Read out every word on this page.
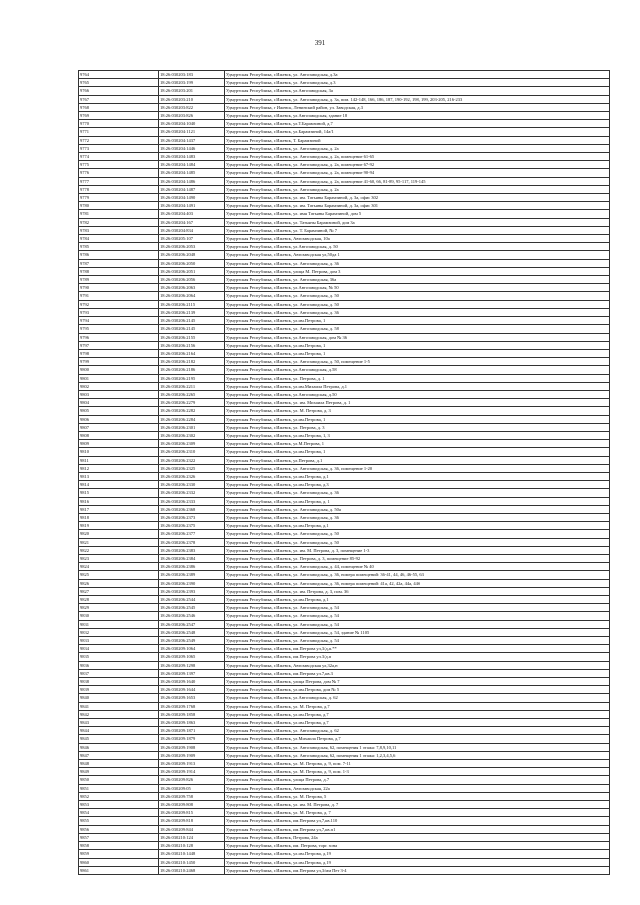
391
9764		18:26:030203:183	Удмуртская Республика, г.Ижевск, ул. Автозаводская, д.3а
9765		18:26:030203:199	Удмуртская Республика, г.Ижевск, ул. Автозаводская, д.3
9766		18:26:030203:201	Удмуртская Республика, г.Ижевск, ул.Автозаводская, 3а
9767		18:26:030203:210	Удмуртская Республика, г.Ижевск, ул. Автозаводская, д. 3а, пом. 142-148, 166, 186, 187, 190-192, 198, 199, 203-205, 216-233
9768	18:26:030203:822		Удмуртская Республика, г Ижевск, Ленинский район, ул. Заводская, д.3
9769	18:26:030203:826		Удмуртская Республика, г.Ижевск, ул.Автозаводская, здание 18
9770		18:26:030204:1040	Удмуртская Республика, г.Ижевск, ул.Т.Барамзиной, д.7
9771	18:26:030204:1121		Удмуртская Республика, г.Ижевск, ул.Барамзиной, 14а/1
9772	18:26:030204:1437		Удмуртская Республика, г.Ижевск, Т. Барамзиной
9773		18:26:030204:1446	Удмуртская Республика, г.Ижевск, ул. Автозаводская, д. 2а
9774		18:26:030204:1483	Удмуртская Республика, г.Ижевск, ул. Автозаводская, д. 2а, помещение 61-65
9775		18:26:030204:1484	Удмуртская Республика, г.Ижевск, ул. Автозаводская, д. 2а, помещение 67-92
9776		18:26:030204:1485	Удмуртская Республика, г.Ижевск, ул. Автозаводская, д. 2а, помещение 90-94
9777		18:26:030204:1486	Удмуртская Республика, г.Ижевск, ул. Автозаводская, д. 2а, помещение 41-60, 66, 81-89, 95-117, 119-145
9778		18:26:030204:1487	Удмуртская Республика, г.Ижевск, ул. Автозаводская, д. 2а
9779		18:26:030204:1490	Удмуртская Республика, г.Ижевск, ул. им. Татьяны Барамзиной, д. 3а, офис 302
9780		18:26:030204:1491	Удмуртская Республика, г.Ижевск, ул. им. Татьяны Барамзиной, д. 3а, офис 301
9781		18:26:030204:403	Удмуртская Республика, г.Ижевск, ул. имя Татьяны Барамзиной, дом 5
9782		18:26:030204:167	Удмуртская Республика, г.Ижевск, ул. Татьяны Барамзиной, дом 3а
9783		18:26:030204:834	Удмуртская Республика, г.Ижевск, ул. Т. Барамзиной, № 7
9784	18:26:030205:107		Удмуртская Республика, г.Ижевск, Автозаводская, 10а
9785		18:26:030206:2053	Удмуртская Республика, г.Ижевск, ул.Автозаводская, д. 50
9786		18:26:030206:2048	Удмуртская Республика, г.Ижевск, Автозаводская ул,50да 1
9787		18:26:030206:2050	Удмуртская Республика, г.Ижевск, ул. Автозаводская, д. 36
9788		18:26:030206:2051	Удмуртская Республика, г.Ижевск, улица М. Петрова, дом 3
9789	18:26:030206:2056		Удмуртская Республика, г.Ижевск, ул. Автозаводская, 36а
9790		18:26:030206:2063	Удмуртская Республика, г.Ижевск, ул.Автозаводская, № 50
9791		18:26:030206:2064	Удмуртская Республика, г.Ижевск, ул. Автозаводская, д. 50
9792		18:26:030206:2115	Удмуртская Республика, г.Ижевск, ул. Автозаводская, д. 50
9793		18:26:030206:2139	Удмуртская Республика, г.Ижевск, ул. Автозаводская, д. 36
9794		18:26:030206:2145	Удмуртская Республика, г.Ижевск, ул.им.Петрова, 1
9795		18:26:030206:2145	Удмуртская Республика, г.Ижевск, ул. Автозаводская, д. 58
9796		18:26:030206:2155	Удмуртская Республика, г.Ижевск, ул.Автозаводская, дом № 36
9797		18:26:030206:2156	Удмуртская Республика, г.Ижевск, ул.им.Петрова, 1
9798		18:26:030206:2164	Удмуртская Республика, г.Ижевск, ул.им.Петрова, 1
9799		18:26:030206:2182	Удмуртская Республика, г.Ижевск, ул. Автозаводская, д. 50, помещение 1-5
9800		18:26:030206:2186	Удмуртская Республика, г.Ижевск, ул.Автозаводская, д.58
9801		18:26:030206:2195	Удмуртская Республика, г.Ижевск, ул. Петрова, д. 1
9802		18:26:030206:2211	Удмуртская Республика, г.Ижевск, ул.им.Михаила Петрова, д.1
9803		18:26:030206:2265	Удмуртская Республика, г.Ижевск, ул.Автозаводская, д.50
9804		18:26:030206:2279	Удмуртская Республика, г.Ижевск, ул. им. Михаила Петрова, д. 1
9805		18:26:030206:2282	Удмуртская Республика, г.Ижевск, ул. М. Петрова, д. 3
9806		18:26:030206:2284	Удмуртская Республика, г.Ижевск, ул.им.Петрова, 1
9807		18:26:030206:2301	Удмуртская Республика, г.Ижевск, ул. Петрова, д. 3
9808		18:26:030206:2302	Удмуртская Республика, г.Ижевск, ул.им.Петрова, 1, 3
9809		18:26:030206:2309	Удмуртская Республика, г.Ижевск, ул.М.Петрова, 1
9810		18:26:030206:2310	Удмуртская Республика, г.Ижевск, ул.им.Петрова, 1
9811		18:26:030206:2322	Удмуртская Республика, г.Ижевск, ул.Петрова, д.1
9812		18:26:030206:2325	Удмуртская Республика, г.Ижевск, ул. Автозаводская, д. 36, помещение 1-20
9813		18:26:030206:2326	Удмуртская Республика, г.Ижевск, ул.им.Петрова, д.1
9814		18:26:030206:2330	Удмуртская Республика, г.Ижевск, ул.им.Петрова, д.3
9815		18:26:030206:2332	Удмуртская Республика, г.Ижевск, ул. Автозаводская, д. 36
9816		18:26:030206:2333	Удмуртская Республика, г.Ижевск, ул.им.Петрова, д. 1
9817		18:26:030206:2368	Удмуртская Республика, г.Ижевск, ул. Автозаводская, д. 50а
9818		18:26:030206:2373	Удмуртская Республика, г.Ижевск, ул. Автозаводская, д. 36
9819		18:26:030206:2375	Удмуртская Республика, г.Ижевск, ул.им.Петрова, д.1
9820		18:26:030206:2377	Удмуртская Республика, г.Ижевск, ул. Автозаводская, д. 50
9821		18:26:030206:2378	Удмуртская Республика, г.Ижевск, ул. Автозаводская, д. 50
9822		18:26:030206:2383	Удмуртская Республика, г.Ижевск, ул. им. М. Петрова, д. 3, помещение 1-3
9823		18:26:030206:2384	Удмуртская Республика, г.Ижевск, ул. Петрова, д. 3, помещение 85-92
9824		18:26:030206:2386	Удмуртская Республика, г.Ижевск, ул. Автозаводская, д. 44, помещение № 40
9825		18:26:030206:2389	Удмуртская Республика, г.Ижевск, ул. Автозаводская, д. 36, номера помещений: 36-41, 44, 46, 46-55, 63
9826		18:26:030206:2390	Удмуртская Республика, г.Ижевск, ул. Автозаводская, д. 36, номера помещений: 41а, 42, 42а, 44а, 44б
9827		18:26:030206:2393	Удмуртская Республика, г.Ижевск, ул. им. Петрова, д. 3, пом. 36
9828		18:26:030206:2544	Удмуртская Республика, г.Ижевск, ул.им.Петрова, д.1
9829		18:26:030206:2545	Удмуртская Республика, г.Ижевск, ул. Автозаводская, д. 54
9830		18:26:030206:2546	Удмуртская Республика, г.Ижевск, ул. Автозаводская, д. 54
9831		18:26:030206:2547	Удмуртская Республика, г.Ижевск, ул. Автозаводская, д. 54
9832		18:26:030206:2548	Удмуртская Республика, г.Ижевск, ул. Автозаводская, д. 54, здание № 1105
9833		18:26:030206:2549	Удмуртская Республика, г.Ижевск, ул. Автозаводская, д. 54
9834		18:26:030209:1064	Удмуртская Республика, г.Ижевск, им.Петрова ул,3/д,п.**
9835		18:26:030209:1065	Удмуртская Республика, г.Ижевск, им.Петрова ул.3/д.п
9836		18:26:030209:1298	Удмуртская Республика, г.Ижевск, Автозаводская ул,32а,н
9837		18:26:030209:1397	Удмуртская Республика, г.Ижевск, им.Петрова ул.7,кв.3
9838		18:26:030209:1640	Удмуртская Республика, г.Ижевск, улица Петрова, дом № 7
9839		18:26:030209:1644	Удмуртская Республика, г.Ижевск, ул.им.Петрова, дом № 5
9840		18:26:030209:1653	Удмуртская Республика, г.Ижевск, ул.Автозаводская, д. 62
9841		18:26:030209:1768	Удмуртская Республика, г.Ижевск, ул. М. Петрова, д.7
9842		18:26:030209:1858	Удмуртская Республика, г.Ижевск, ул.им.Петрова, д.7
9843		18:26:030209:1863	Удмуртская Республика, г.Ижевск, ул.им.Петрова, д.7
9844		18:26:030209:1871	Удмуртская Республика, г.Ижевск, ул. Автозаводская, д. 62
9845		18:26:030209:1879	Удмуртская Республика, г.Ижевск, ул.Михаила Петрова, д.7
9846		18:26:030209:1908	Удмуртская Республика, г.Ижевск, ул. Автозаводская, 62, помещения 1 этажа: 7,8,9,10,11
9847		18:26:030209:1909	Удмуртская Республика, г.Ижевск, ул. Автозаводская, 62, помещения 1 этажа: 1,2,3,4,5,6
9848		18:26:030209:1913	Удмуртская Республика, г.Ижевск, ул. М. Петрова, д. 9, пом. 7-11
9849		18:26:030209:1914	Удмуртская Республика, г.Ижевск, ул. М. Петрова, д. 9, пом. 1-3
9850		18:26:030209:826	Удмуртская Республика, г.Ижевск, улица Петрова, д.7
9851	18:26:030209:05		Удмуртская Республика, г.Ижевск, Автозаводская, 22а
9852		18:26:030209:758	Удмуртская Республика, г.Ижевск, ул. М. Петрова, 5
9853		18:26:030209:808	Удмуртская Республика, г.Ижевск, ул. им. М. Петрова, д. 7
9854		18:26:030209:815	Удмуртская Республика, г.Ижевск, ул. М. Петрова, д. 7
9855		18:26:030209:818	Удмуртская Республика, г.Ижевск, им.Петрова ул,7,кв.110
9856		18:26:030209:844	Удмуртская Республика, г.Ижевск, им.Петрова ул,7,кв.п1
9857	18:26:030210:124		Удмуртская Республика, г.Ижевск, Петрова, 24а
9858	18:26:030210:128		Удмуртская Республика, г.Ижевск, им. Петрова, торг. зона
9859		18:26:030210:1448	Удмуртская Республика, г.Ижевск, ул.им.Петрова, д.19
9860		18:26:030210:1450	Удмуртская Республика, г.Ижевск, ул.им.Петрова, д.19
9861		18:26:030210:2468	Удмуртская Республика, г.Ижевск, им.Петрова ул,3/мм Пет 3-4
